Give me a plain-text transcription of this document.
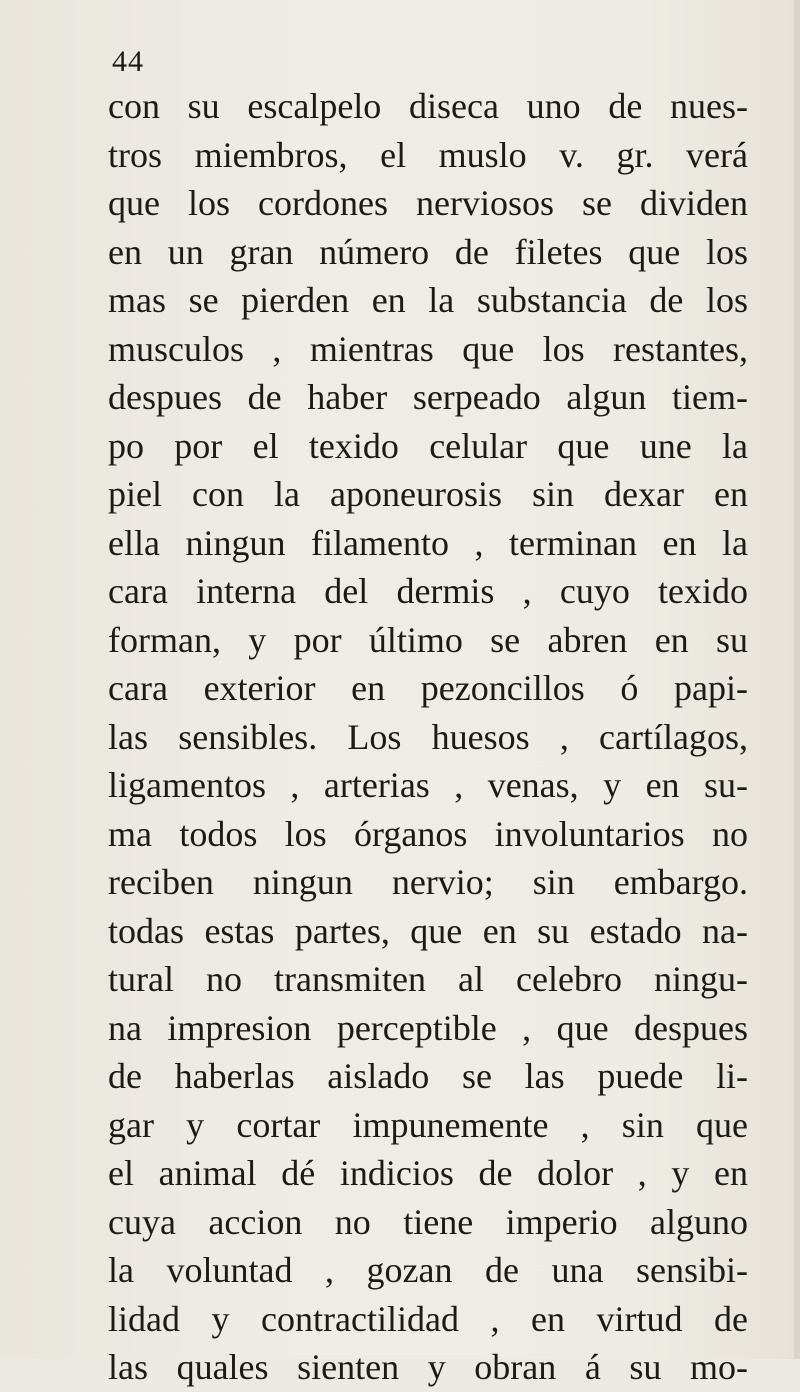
44
con su escalpelo diseca uno de nues-
tros miembros, el muslo v. gr. verá
que los cordones nerviosos se dividen
en un gran número de filetes que los
mas se pierden en la substancia de los
musculos , mientras que los restantes,
despues de haber serpeado algun tiem-
po por el texido celular que une la
piel con la aponeurosis sin dexar en
ella ningun filamento , terminan en la
cara interna del dermis , cuyo texido
forman, y por último se abren en su
cara exterior en pezoncillos ó papi-
las sensibles. Los huesos , cartílagos,
ligamentos , arterias , venas, y en su-
ma todos los órganos involuntarios no
reciben ningun nervio; sin embargo.
todas estas partes, que en su estado na-
tural no transmiten al celebro ningu-
na impresion perceptible , que despues
de haberlas aislado se las puede li-
gar y cortar impunemente , sin que
el animal dé indicios de dolor , y en
cuya accion no tiene imperio alguno
la voluntad , gozan de una sensibi-
lidad y contractilidad , en virtud de
las quales sienten y obran á su mo-
